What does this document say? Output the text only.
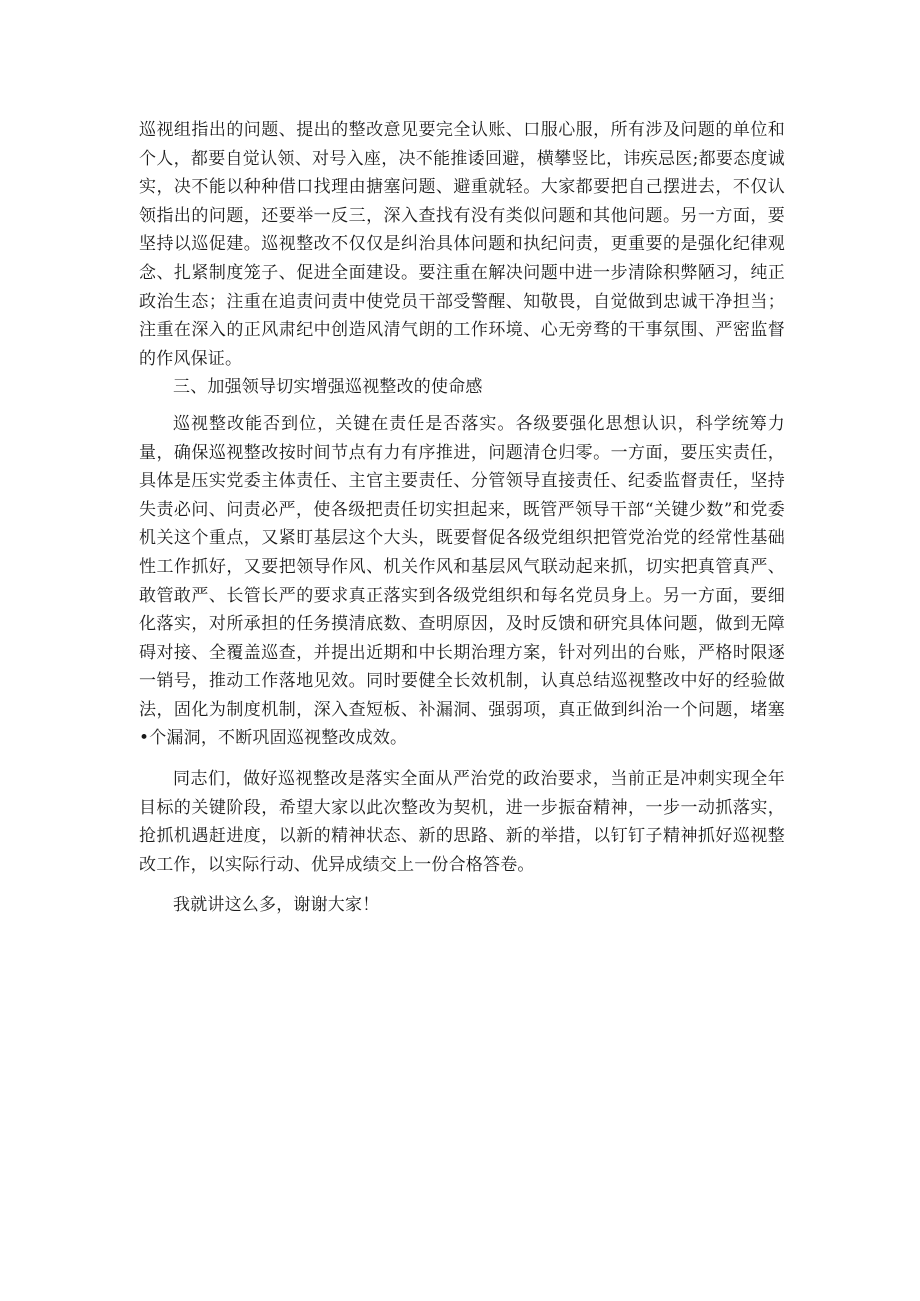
巡视组指出的问题、提出的整改意见要完全认账、口服心服，所有涉及问题的单位和个人，都要自觉认领、对号入座，决不能推诿回避，横攀竖比，讳疾忌医;都要态度诚实，决不能以种种借口找理由搪塞问题、避重就轻。大家都要把自己摆进去，不仅认领指出的问题，还要举一反三，深入查找有没有类似问题和其他问题。另一方面，要坚持以巡促建。巡视整改不仅仅是纠治具体问题和执纪问责，更重要的是强化纪律观念、扎紧制度笼子、促进全面建设。要注重在解决问题中进一步清除积弊陋习，纯正政治生态；注重在追责问责中使党员干部受警醒、知敬畏，自觉做到忠诚干净担当；注重在深入的正风肃纪中创造风清气朗的工作环境、心无旁骛的干事氛围、严密监督的作风保证。

三、加强领导切实增强巡视整改的使命感

巡视整改能否到位，关键在责任是否落实。各级要强化思想认识，科学统筹力量，确保巡视整改按时间节点有力有序推进，问题清仓归零。一方面，要压实责任，具体是压实党委主体责任、主官主要责任、分管领导直接责任、纪委监督责任，坚持失责必问、问责必严，使各级把责任切实担起来，既管严领导干部“关键少数”和党委机关这个重点，又紧盯基层这个大头，既要督促各级党组织把管党治党的经常性基础性工作抓好，又要把领导作风、机关作风和基层风气联动起来抓，切实把真管真严、敢管敢严、长管长严的要求真正落实到各级党组织和每名党员身上。另一方面，要细化落实，对所承担的任务摸清底数、查明原因，及时反馈和研究具体问题，做到无障碍对接、全覆盖巡查，并提出近期和中长期治理方案，针对列出的台账，严格时限逐一销号，推动工作落地见效。同时要健全长效机制，认真总结巡视整改中好的经验做法，固化为制度机制，深入查短板、补漏洞、强弱项，真正做到纠治一个问题，堵塞•个漏洞，不断巩固巡视整改成效。

同志们，做好巡视整改是落实全面从严治党的政治要求，当前正是冲刺实现全年目标的关键阶段，希望大家以此次整改为契机，进一步振奋精神，一步一动抓落实，抢抓机遇赶进度，以新的精神状态、新的思路、新的举措，以钉钉子精神抓好巡视整改工作，以实际行动、优异成绩交上一份合格答卷。

我就讲这么多，谢谢大家！
